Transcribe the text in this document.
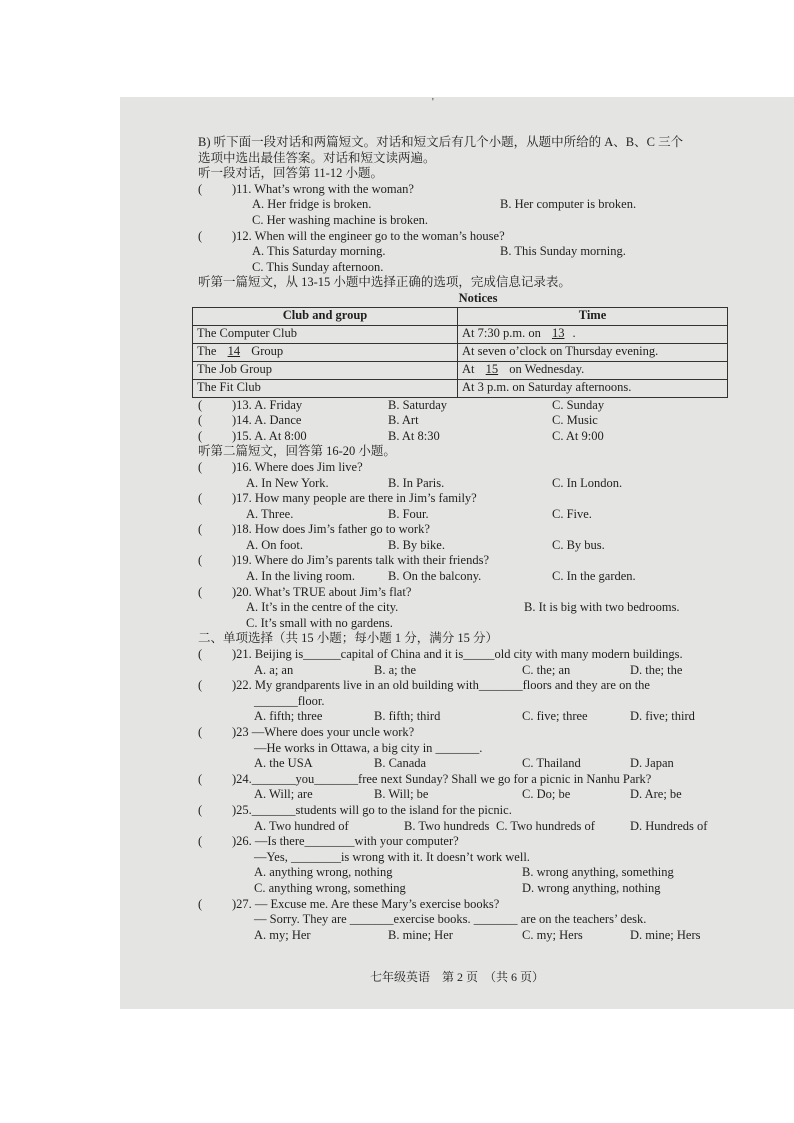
'
B) 听下面一段对话和两篇短文。对话和短文后有几个小题，从题中所给的 A、B、C 三个
选项中选出最佳答案。对话和短文读两遍。
听一段对话，回答第 11-12 小题。
( )11. What’s wrong with the woman?
A. Her fridge is broken.	B. Her computer is broken.
C. Her washing machine is broken.
( )12. When will the engineer go to the woman’s house?
A. This Saturday morning.	B. This Sunday morning.
C. This Sunday afternoon.
听第一篇短文，从 13-15 小题中选择正确的选项，完成信息记录表。
Notices
Club and group	Time
The Computer Club	At 7:30 p.m. on 13 .
The 14 Group	At seven o’clock on Thursday evening.
The Job Group	At 15 on Wednesday.
The Fit Club	At 3 p.m. on Saturday afternoons.
( )13. A. Friday	B. Saturday	C. Sunday
( )14. A. Dance	B. Art	C. Music
( )15. A. At 8:00	B. At 8:30	C. At 9:00
听第二篇短文，回答第 16-20 小题。
( )16. Where does Jim live?
A. In New York.	B. In Paris.	C. In London.
( )17. How many people are there in Jim’s family?
A. Three.	B. Four.	C. Five.
( )18. How does Jim’s father go to work?
A. On foot.	B. By bike.	C. By bus.
( )19. Where do Jim’s parents talk with their friends?
A. In the living room.	B. On the balcony.	C. In the garden.
( )20. What’s TRUE about Jim’s flat?
A. It’s in the centre of the city.	B. It is big with two bedrooms.
C. It’s small with no gardens.
二、单项选择（共 15 小题；每小题 1 分，满分 15 分）
( )21. Beijing is______capital of China and it is_____old city with many modern buildings.
A. a; an	B. a; the	C. the; an	D. the; the
( )22. My grandparents live in an old building with_______floors and they are on the
_______floor.
A. fifth; three	B. fifth; third	C. five; three	D. five; third
( )23 —Where does your uncle work?
—He works in Ottawa, a big city in _______.
A. the USA	B. Canada	C. Thailand	D. Japan
( )24._______you_______free next Sunday? Shall we go for a picnic in Nanhu Park?
A. Will; are	B. Will; be	C. Do; be	D. Are; be
( )25._______students will go to the island for the picnic.
A. Two hundred of	B. Two hundreds C. Two hundreds of	D. Hundreds of
( )26. —Is there________with your computer?
—Yes, ________is wrong with it. It doesn’t work well.
A. anything wrong, nothing	B. wrong anything, something
C. anything wrong, something	D. wrong anything, nothing
( )27. — Excuse me. Are these Mary’s exercise books?
— Sorry. They are _______exercise books. _______ are on the teachers’ desk.
A. my; Her	B. mine; Her	C. my; Hers	D. mine; Hers
七年级英语　第 2 页　（共 6 页）
